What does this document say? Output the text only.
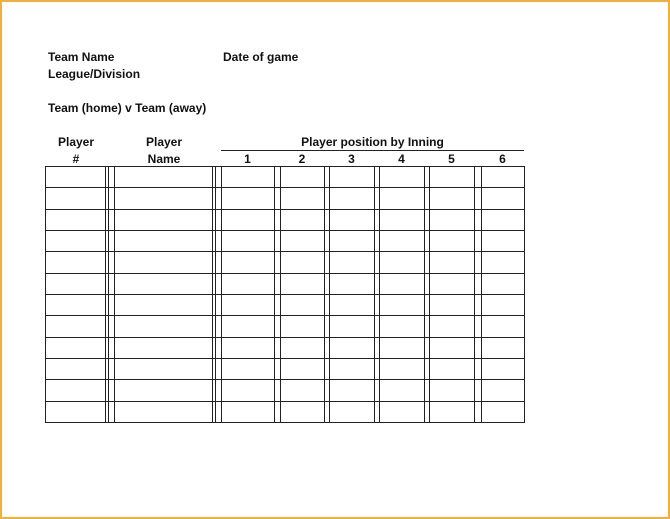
Team Name
League/Division
Date of game
Team (home) v Team (away)
Player
#
Player
Name
Player position by Inning
1	2	3	4	5	6
